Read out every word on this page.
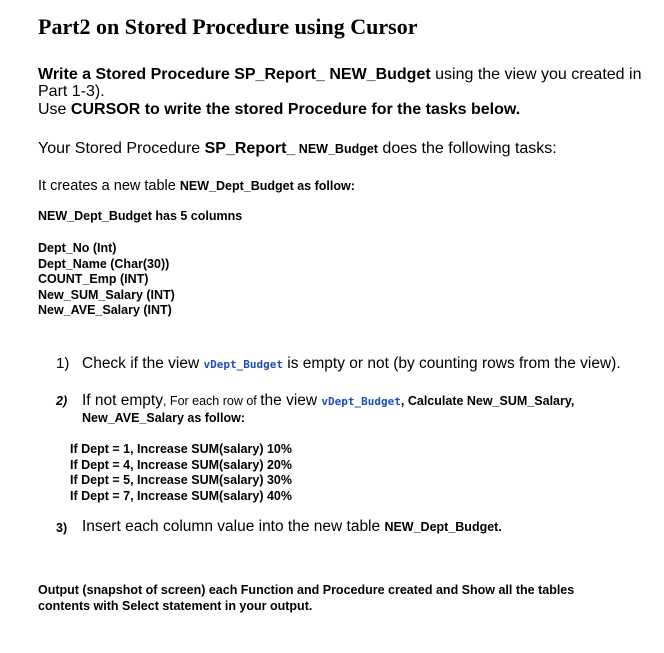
Part2 on Stored Procedure using Cursor
Write a Stored Procedure SP_Report_ NEW_Budget using the view you created in
Part 1-3).
Use CURSOR to write the stored Procedure for the tasks below.
Your Stored Procedure SP_Report_ NEW_Budget does the following tasks:
It creates a new table NEW_Dept_Budget as follow:
NEW_Dept_Budget has 5 columns
Dept_No (Int)
Dept_Name (Char(30))
COUNT_Emp (INT)
New_SUM_Salary (INT)
New_AVE_Salary (INT)
1) Check if the view vDept_Budget is empty or not (by counting rows from the view).
2) If not empty, For each row of the view vDept_Budget, Calculate New_SUM_Salary,
New_AVE_Salary as follow:
If Dept = 1, Increase SUM(salary) 10%
If Dept = 4, Increase SUM(salary) 20%
If Dept = 5, Increase SUM(salary) 30%
If Dept = 7, Increase SUM(salary) 40%
3) Insert each column value into the new table NEW_Dept_Budget.
Output (snapshot of screen) each Function and Procedure created and Show all the tables
contents with Select statement in your output.
